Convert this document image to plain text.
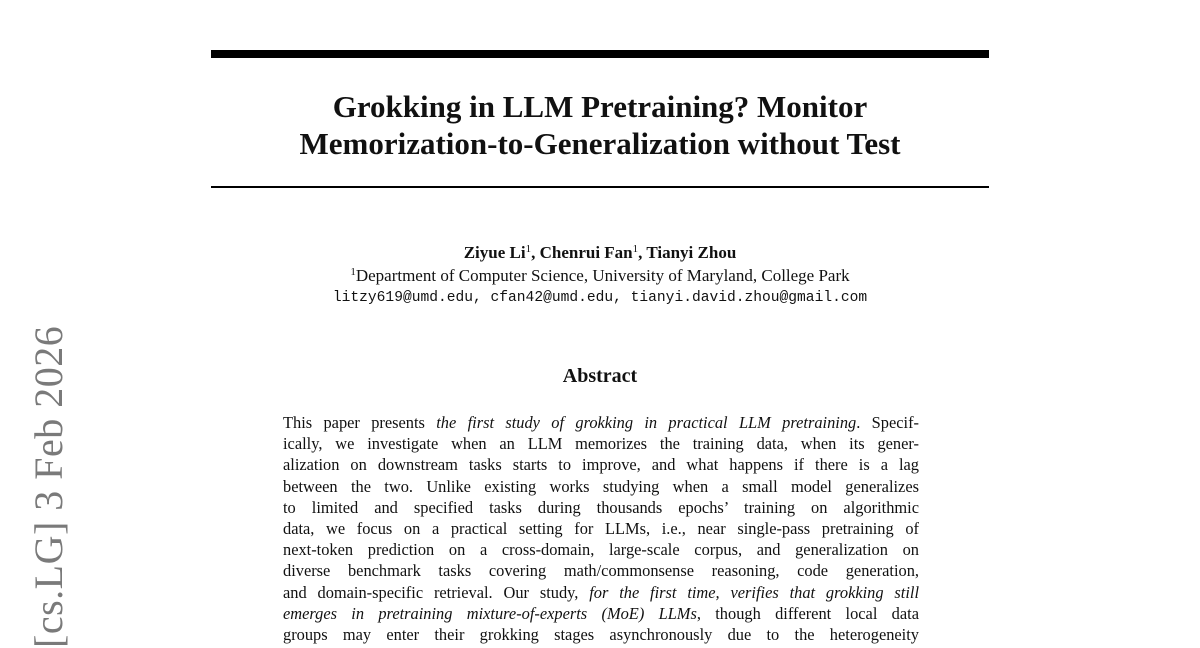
Grokking in LLM Pretraining? Monitor
Memorization-to-Generalization without Test
Ziyue Li$^1$, Chenrui Fan$^1$, Tianyi Zhou
$^1$Department of Computer Science, University of Maryland, College Park
litzy619@umd.edu, cfan42@umd.edu, tianyi.david.zhou@gmail.com
Abstract
This paper presents the first study of grokking in practical LLM pretraining. Specif-
ically, we investigate when an LLM memorizes the training data, when its gener-
alization on downstream tasks starts to improve, and what happens if there is a lag
between the two. Unlike existing works studying when a small model generalizes
to limited and specified tasks during thousands epochs’ training on algorithmic
data, we focus on a practical setting for LLMs, i.e., near single-pass pretraining of
next-token prediction on a cross-domain, large-scale corpus, and generalization on
diverse benchmark tasks covering math/commonsense reasoning, code generation,
and domain-specific retrieval. Our study, for the first time, verifies that grokking still
emerges in pretraining mixture-of-experts (MoE) LLMs, though different local data
groups may enter their grokking stages asynchronously due to the heterogeneity
[cs.LG] 3 Feb 2026
